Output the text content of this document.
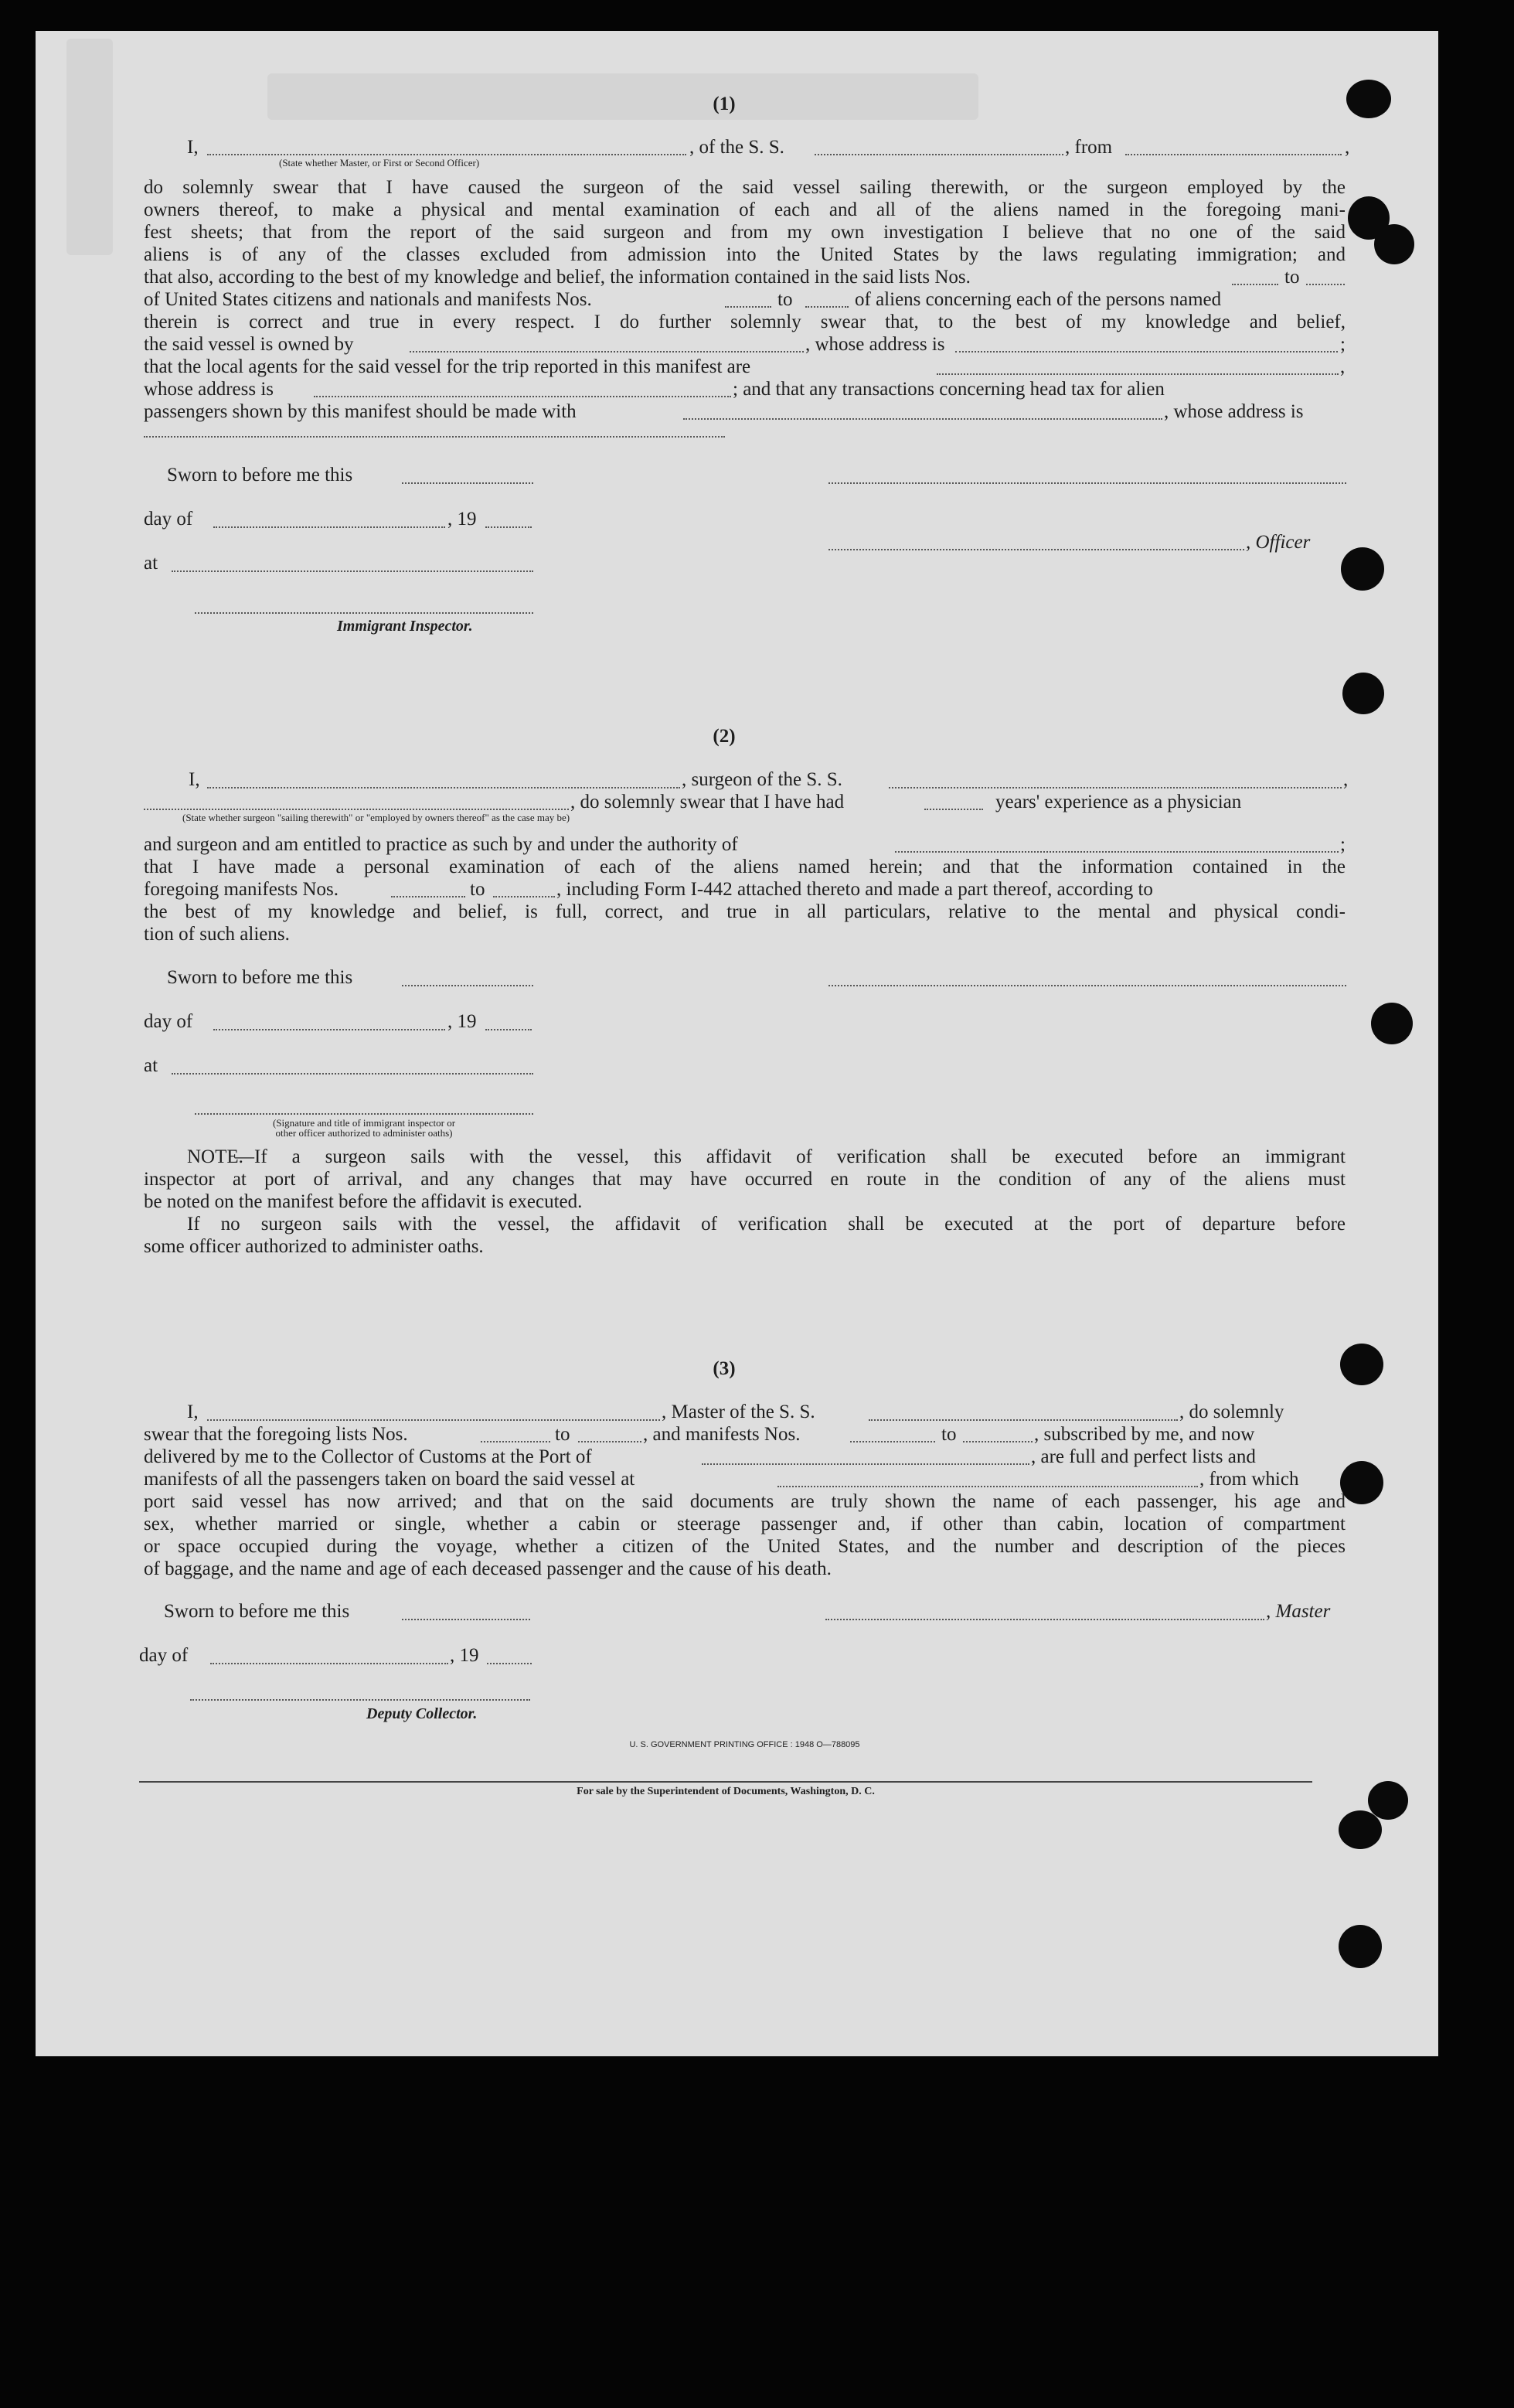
(1)
I,	, of the S. S.	, from	,
(State whether Master, or First or Second Officer)
do solemnly swear that I have caused the surgeon of the said vessel sailing therewith, or the surgeon employed by the
owners thereof, to make a physical and mental examination of each and all of the aliens named in the foregoing mani-
fest sheets; that from the report of the said surgeon and from my own investigation I believe that no one of the said
aliens is of any of the classes excluded from admission into the United States by the laws regulating immigration; and
that also, according to the best of my knowledge and belief, the information contained in the said lists Nos.	to
of United States citizens and nationals and manifests Nos.	to	of aliens concerning each of the persons named
therein is correct and true in every respect. I do further solemnly swear that, to the best of my knowledge and belief,
the said vessel is owned by	, whose address is	;
that the local agents for the said vessel for the trip reported in this manifest are	,
whose address is	; and that any transactions concerning head tax for alien
passengers shown by this manifest should be made with	, whose address is
Sworn to before me this
day of	, 19
, Officer
at
Immigrant Inspector.
(2)
I,	, surgeon of the S. S.	,
, do solemnly swear that I have had	years' experience as a physician
(State whether surgeon "sailing therewith" or "employed by owners thereof" as the case may be)
and surgeon and am entitled to practice as such by and under the authority of	;
that I have made a personal examination of each of the aliens named herein; and that the information contained in the
foregoing manifests Nos.	to	, including Form I-442 attached thereto and made a part thereof, according to
the best of my knowledge and belief, is full, correct, and true in all particulars, relative to the mental and physical condi-
tion of such aliens.
Sworn to before me this
day of	, 19
at
(Signature and title of immigrant inspector or
other officer authorized to administer oaths)
NOTE.
—If a surgeon sails with the vessel, this affidavit of verification shall be executed before an immigrant
inspector at port of arrival, and any changes that may have occurred en route in the condition of any of the aliens must
be noted on the manifest before the affidavit is executed.
If no surgeon sails with the vessel, the affidavit of verification shall be executed at the port of departure before
some officer authorized to administer oaths.
(3)
I,	, Master of the S. S.	, do solemnly
swear that the foregoing lists Nos.	to	, and manifests Nos.	to	, subscribed by me, and now
delivered by me to the Collector of Customs at the Port of	, are full and perfect lists and
manifests of all the passengers taken on board the said vessel at	, from which
port said vessel has now arrived; and that on the said documents are truly shown the name of each passenger, his age and
sex, whether married or single, whether a cabin or steerage passenger and, if other than cabin, location of compartment
or space occupied during the voyage, whether a citizen of the United States, and the number and description of the pieces
of baggage, and the name and age of each deceased passenger and the cause of his death.
Sworn to before me this	, Master
day of	, 19
Deputy Collector.
U. S. GOVERNMENT PRINTING OFFICE : 1948 O—788095
For sale by the Superintendent of Documents, Washington, D. C.
